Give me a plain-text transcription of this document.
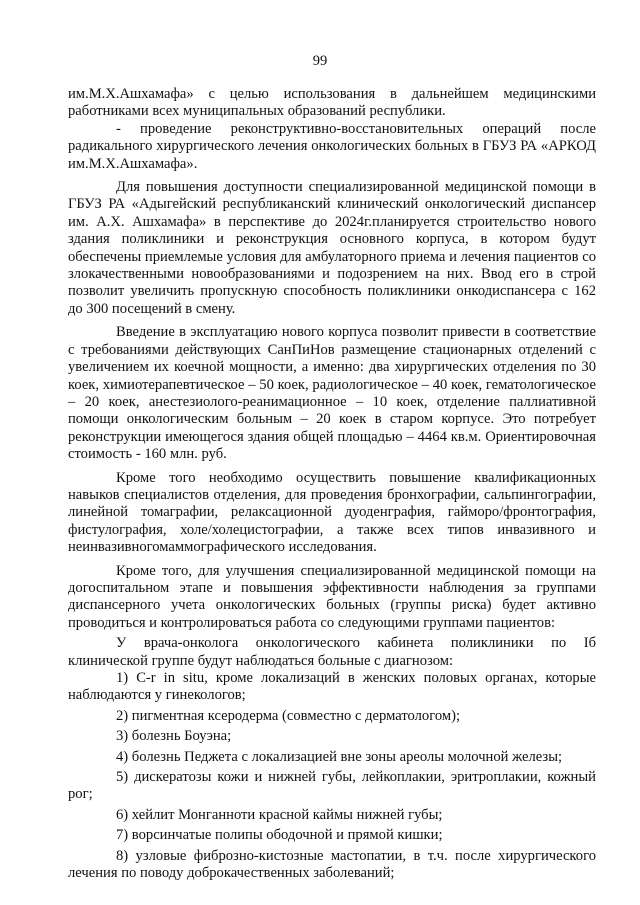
99

им.М.Х.Ашхамафа» с целью использования в дальнейшем медицинскими работниками всех муниципальных образований республики.

- проведение реконструктивно-восстановительных операций после радикального хирургического лечения онкологических больных в ГБУЗ РА «АРКОД им.М.Х.Ашхамафа».

Для повышения доступности специализированной медицинской помощи в ГБУЗ РА «Адыгейский республиканский клинический онкологический диспансер им. А.Х. Ашхамафа» в перспективе до 2024г.планируется строительство нового здания поликлиники и реконструкция основного корпуса, в котором будут обеспечены приемлемые условия для амбулаторного приема и лечения пациентов со злокачественными новообразованиями и подозрением на них. Ввод его в строй позволит увеличить пропускную способность поликлиники онкодиспансера с 162 до 300 посещений в смену.

Введение в эксплуатацию нового корпуса позволит привести в соответствие с требованиями действующих СанПиНов размещение стационарных отделений с увеличением их коечной мощности, а именно: два хирургических отделения по 30 коек, химиотерапевтическое – 50 коек, радиологическое – 40 коек, гематологическое – 20 коек, анестезиолого-реанимационное – 10 коек, отделение паллиативной помощи онкологическим больным – 20 коек в старом корпусе. Это потребует реконструкции имеющегося здания общей площадью – 4464 кв.м. Ориентировочная стоимость - 160 млн. руб.

Кроме того необходимо осуществить повышение квалификационных навыков специалистов отделения, для проведения бронхографии, сальпингографии, линейной томаграфии, релаксационной дуоденграфия, гайморо/фронтография, фистулография, холе/холецистографии, а также всех типов инвазивного и неинвазивногомаммографического исследования.

Кроме того, для улучшения специализированной медицинской помощи на догоспитальном этапе и повышения эффективности наблюдения за группами диспансерного учета онкологических больных (группы риска) будет активно проводиться и контролироваться работа со следующими группами пациентов:

У врача-онколога онкологического кабинета поликлиники по Iб клинической группе будут наблюдаться больные с диагнозом:

1) C-r in situ, кроме локализаций в женских половых органах, которые наблюдаются у гинекологов;

2) пигментная ксеродерма (совместно с дерматологом);

3) болезнь Боуэна;

4) болезнь Педжета с локализацией вне зоны ареолы молочной железы;

5) дискератозы кожи и нижней губы, лейкоплакии, эритроплакии, кожный рог;

6) хейлит Монганноти красной каймы нижней губы;

7) ворсинчатые полипы ободочной и прямой кишки;

8) узловые фиброзно-кистозные мастопатии, в т.ч. после хирургического лечения по поводу доброкачественных заболеваний;
